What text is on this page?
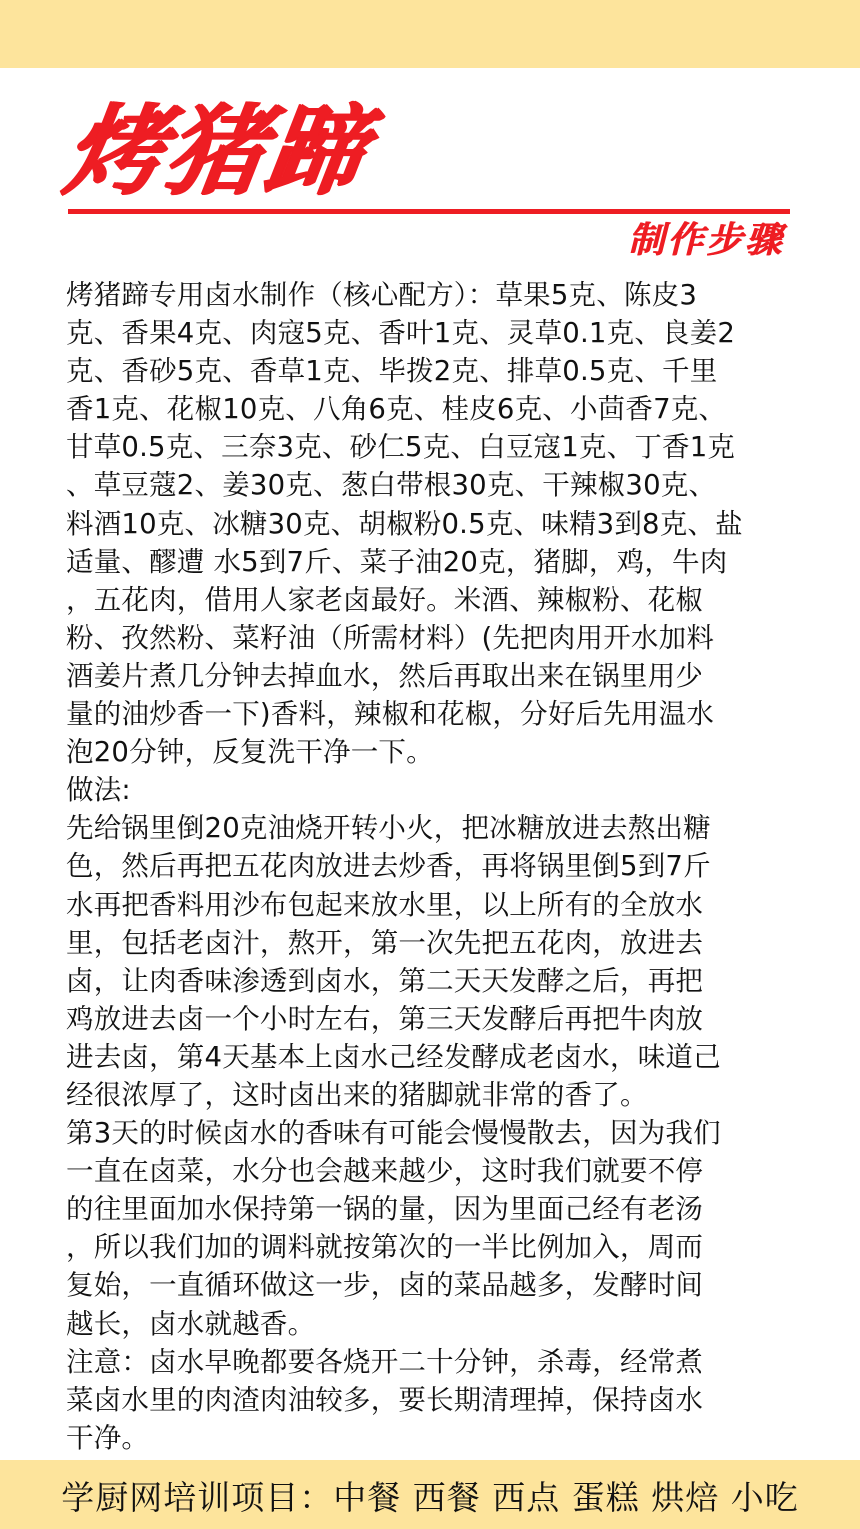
烤猪蹄
制作步骤
烤猪蹄专用卤水制作（核心配方）：草果5克、陈皮3
克、香果4克、肉寇5克、香叶1克、灵草0.1克、良姜2
克、香砂5克、香草1克、毕拨2克、排草0.5克、千里
香1克、花椒10克、八角6克、桂皮6克、小茴香7克、
甘草0.5克、三奈3克、砂仁5克、白豆寇1克、丁香1克
、草豆蔻2、姜30克、葱白带根30克、干辣椒30克、
料酒10克、冰糖30克、胡椒粉0.5克、味精3到8克、盐
适量、醪遭 水5到7斤、菜子油20克，猪脚，鸡，牛肉
，五花肉，借用人家老卤最好。米酒、辣椒粉、花椒
粉、孜然粉、菜籽油（所需材料）(先把肉用开水加料
酒姜片煮几分钟去掉血水，然后再取出来在锅里用少
量的油炒香一下)香料，辣椒和花椒，分好后先用温水
泡20分钟，反复洗干净一下。
做法:
先给锅里倒20克油烧开转小火，把冰糖放进去熬出糖
色，然后再把五花肉放进去炒香，再将锅里倒5到7斤
水再把香料用沙布包起来放水里，以上所有的全放水
里，包括老卤汁，熬开，第一次先把五花肉，放进去
卤，让肉香味渗透到卤水，第二天天发酵之后，再把
鸡放进去卤一个小时左右，第三天发酵后再把牛肉放
进去卤，第4天基本上卤水己经发酵成老卤水，味道己
经很浓厚了，这时卤出来的猪脚就非常的香了。
第3天的时候卤水的香味有可能会慢慢散去，因为我们
一直在卤菜，水分也会越来越少，这时我们就要不停
的往里面加水保持第一锅的量，因为里面己经有老汤
，所以我们加的调料就按第次的一半比例加入，周而
复始，一直循环做这一步，卤的菜品越多，发酵时间
越长，卤水就越香。
注意：卤水早晚都要各烧开二十分钟，杀毒，经常煮
菜卤水里的肉渣肉油较多，要长期清理掉，保持卤水
干净。
学厨网培训项目：中餐 西餐 西点 蛋糕 烘焙 小吃
